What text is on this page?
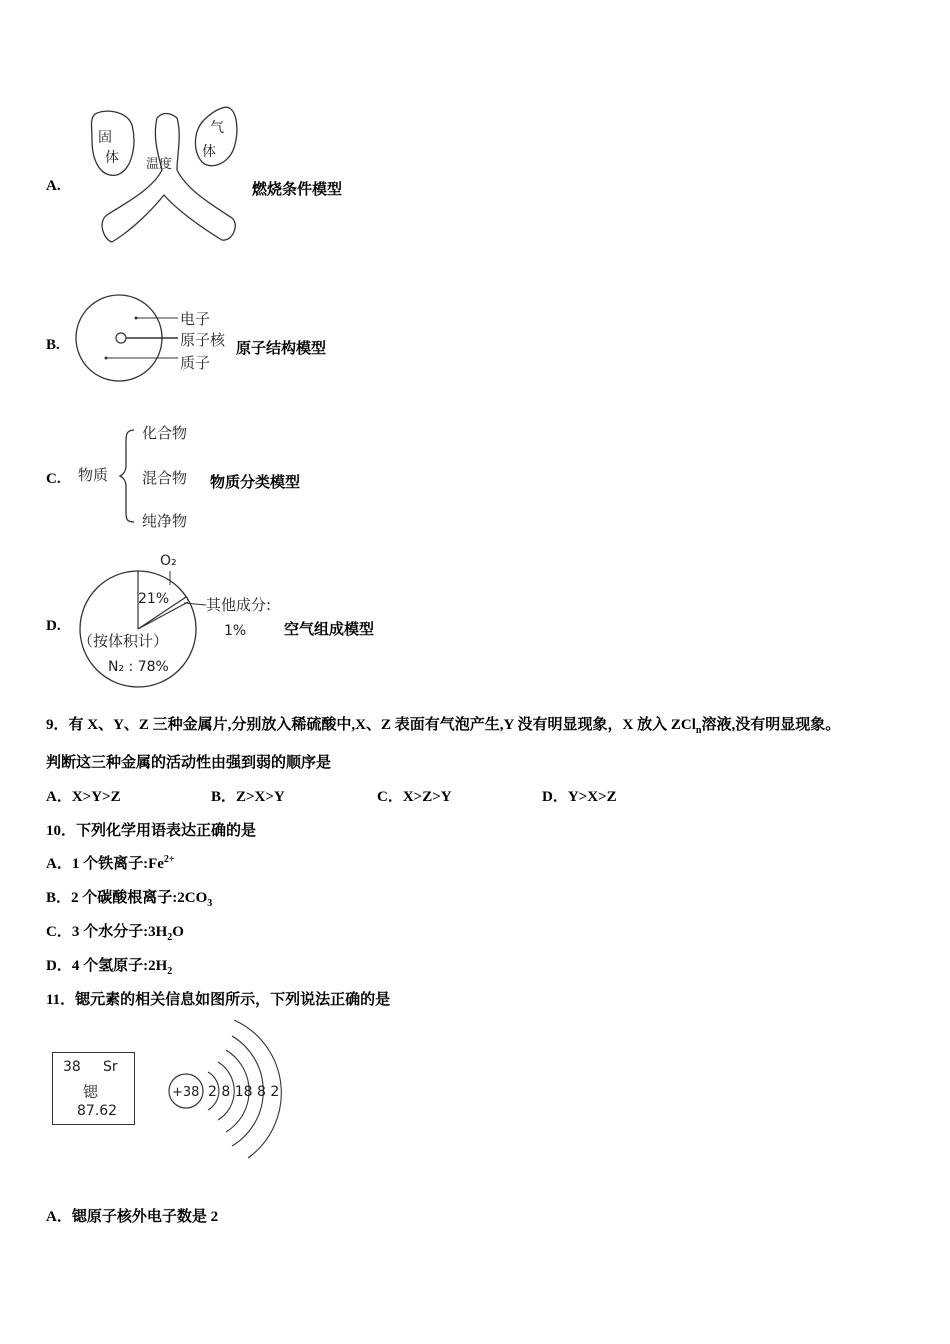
A.
固
体 温度
气
体
燃烧条件模型
B.
电子
原子核
质子
原子结构模型
C. 物质
化合物
混合物
纯净物
物质分类模型
D.
O₂
21% 其他成分:
1%
（按体积计）
N₂ : 78%
空气组成模型
9．有 X、Y、Z 三种金属片,分别放入稀硫酸中,X、Z 表面有气泡产生,Y 没有明显现象，X 放入 ZCl$_n$溶液,没有明显现象。
判断这三种金属的活动性由强到弱的顺序是
A．X>Y>Z	B．Z>X>Y	C．X>Z>Y	D．Y>X>Z
10．下列化学用语表达正确的是
A．1 个铁离子$:Fe^{2+}$
B．2 个碳酸根离子$:2CO_3$
C．3 个水分子$:3H_2O$
D．4 个氢原子$:2H_2$
11．锶元素的相关信息如图所示，下列说法正确的是
38 Sr
锶
87.62
+38 2 8 18 8 2
A．锶原子核外电子数是 2
